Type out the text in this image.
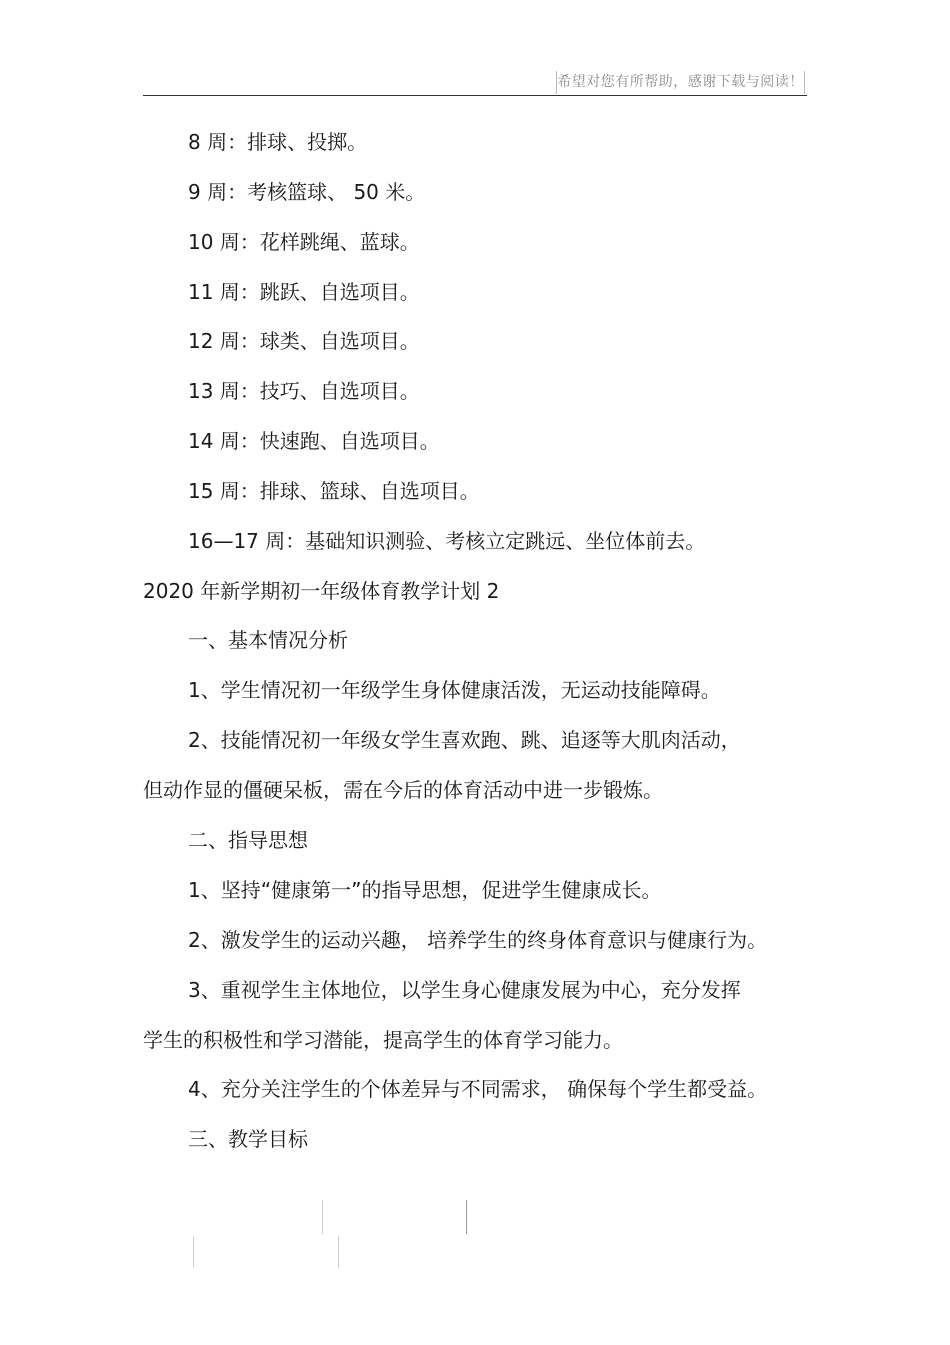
希望对您有所帮助，感谢下载与阅读！
8 周：排球、投掷。
9 周：考核篮球、 50 米。
10 周：花样跳绳、蓝球。
11 周：跳跃、自选项目。
12 周：球类、自选项目。
13 周：技巧、自选项目。
14 周：快速跑、自选项目。
15 周：排球、篮球、自选项目。
16—17 周：基础知识测验、考核立定跳远、坐位体前去。
2020 年新学期初一年级体育教学计划 2
一、基本情况分析
1、学生情况初一年级学生身体健康活泼，无运动技能障碍。
2、技能情况初一年级女学生喜欢跑、跳、追逐等大肌肉活动，
但动作显的僵硬呆板，需在今后的体育活动中进一步锻炼。
二、指导思想
1、坚持“健康第一”的指导思想，促进学生健康成长。
2、激发学生的运动兴趣， 培养学生的终身体育意识与健康行为。
3、重视学生主体地位，以学生身心健康发展为中心，充分发挥
学生的积极性和学习潜能，提高学生的体育学习能力。
4、充分关注学生的个体差异与不同需求， 确保每个学生都受益。
三、教学目标
